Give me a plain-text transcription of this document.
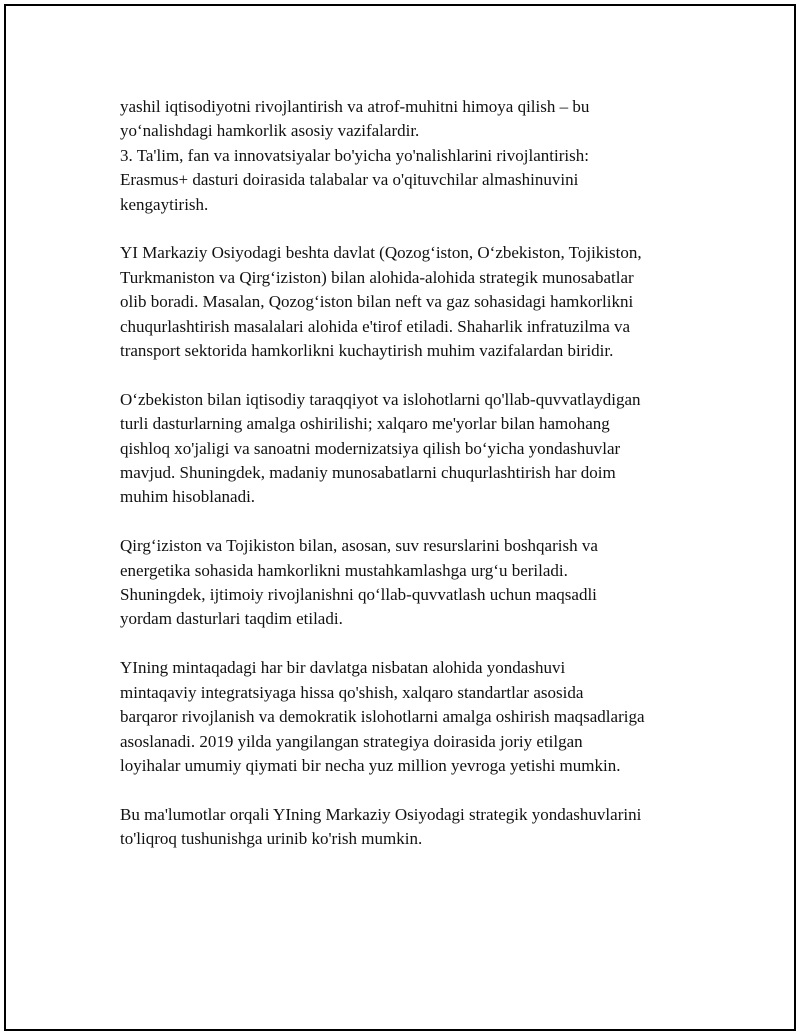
yashil iqtisodiyotni rivojlantirish va atrof-muhitni himoya qilish – bu
yoʻnalishdagi hamkorlik asosiy vazifalardir.
3. Ta'lim, fan va innovatsiyalar bo'yicha yo'nalishlarini rivojlantirish:
Erasmus+ dasturi doirasida talabalar va o'qituvchilar almashinuvini
kengaytirish.

YI Markaziy Osiyodagi beshta davlat (Qozogʻiston, Oʻzbekiston, Tojikiston,
Turkmaniston va Qirgʻiziston) bilan alohida-alohida strategik munosabatlar
olib boradi. Masalan, Qozogʻiston bilan neft va gaz sohasidagi hamkorlikni
chuqurlashtirish masalalari alohida e'tirof etiladi. Shaharlik infratuzilma va
transport sektorida hamkorlikni kuchaytirish muhim vazifalardan biridir.

Oʻzbekiston bilan iqtisodiy taraqqiyot va islohotlarni qo'llab-quvvatlaydigan
turli dasturlarning amalga oshirilishi; xalqaro me'yorlar bilan hamohang
qishloq xo'jaligi va sanoatni modernizatsiya qilish boʻyicha yondashuvlar
mavjud. Shuningdek, madaniy munosabatlarni chuqurlashtirish har doim
muhim hisoblanadi.

Qirgʻiziston va Tojikiston bilan, asosan, suv resurslarini boshqarish va
energetika sohasida hamkorlikni mustahkamlashga urgʻu beriladi.
Shuningdek, ijtimoiy rivojlanishni qoʻllab-quvvatlash uchun maqsadli
yordam dasturlari taqdim etiladi.

YIning mintaqadagi har bir davlatga nisbatan alohida yondashuvi
mintaqaviy integratsiyaga hissa qo'shish, xalqaro standartlar asosida
barqaror rivojlanish va demokratik islohotlarni amalga oshirish maqsadlariga
asoslanadi. 2019 yilda yangilangan strategiya doirasida joriy etilgan
loyihalar umumiy qiymati bir necha yuz million yevroga yetishi mumkin.

Bu ma'lumotlar orqali YIning Markaziy Osiyodagi strategik yondashuvlarini
to'liqroq tushunishga urinib ko'rish mumkin.
